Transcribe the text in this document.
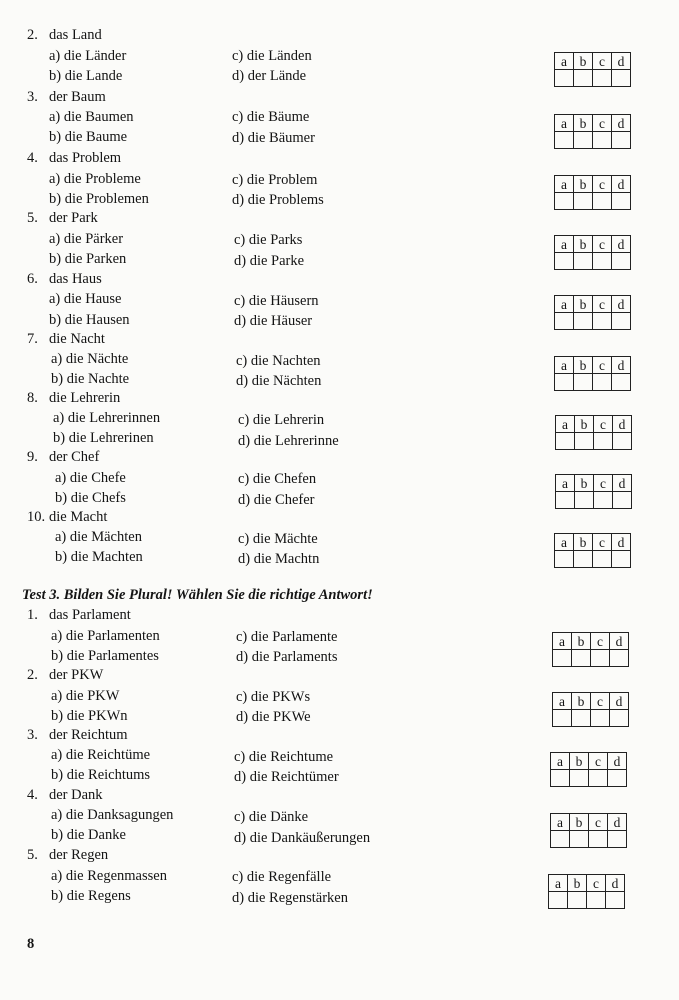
2. das Land
a) die Länder
b) die Lande
c) die Länden
d) der Lände
a	b	c	d

3. der Baum
a) die Baumen
b) die Baume
c) die Bäume
d) die Bäumer
a	b	c	d

4. das Problem
a) die Probleme
b) die Problemen
c) die Problem
d) die Problems
a	b	c	d

5. der Park
a) die Pärker
b) die Parken
c) die Parks
d) die Parke
a	b	c	d

6. das Haus
a) die Hause
b) die Hausen
c) die Häusern
d) die Häuser
a	b	c	d

7. die Nacht
a) die Nächte
b) die Nachte
c) die Nachten
d) die Nächten
a	b	c	d

8. die Lehrerin
a) die Lehrerinnen
b) die Lehrerinen
c) die Lehrerin
d) die Lehrerinne
a	b	c	d

9. der Chef
a) die Chefe
b) die Chefs
c) die Chefen
d) die Chefer
a	b	c	d

10. die Macht
a) die Mächten
b) die Machten
c) die Mächte
d) die Machtn
a	b	c	d

Test 3. Bilden Sie Plural! Wählen Sie die richtige Antwort!
1. das Parlament
a) die Parlamenten
b) die Parlamentes
c) die Parlamente
d) die Parlaments
a	b	c	d

2. der PKW
a) die PKW
b) die PKWn
c) die PKWs
d) die PKWe
a	b	c	d

3. der Reichtum
a) die Reichtüme
b) die Reichtums
c) die Reichtume
d) die Reichtümer
a	b	c	d

4. der Dank
a) die Danksagungen
b) die Danke
c) die Dänke
d) die Dankäußerungen
a	b	c	d

5. der Regen
a) die Regenmassen
b) die Regens
c) die Regenfälle
d) die Regenstärken
a	b	c	d

8
